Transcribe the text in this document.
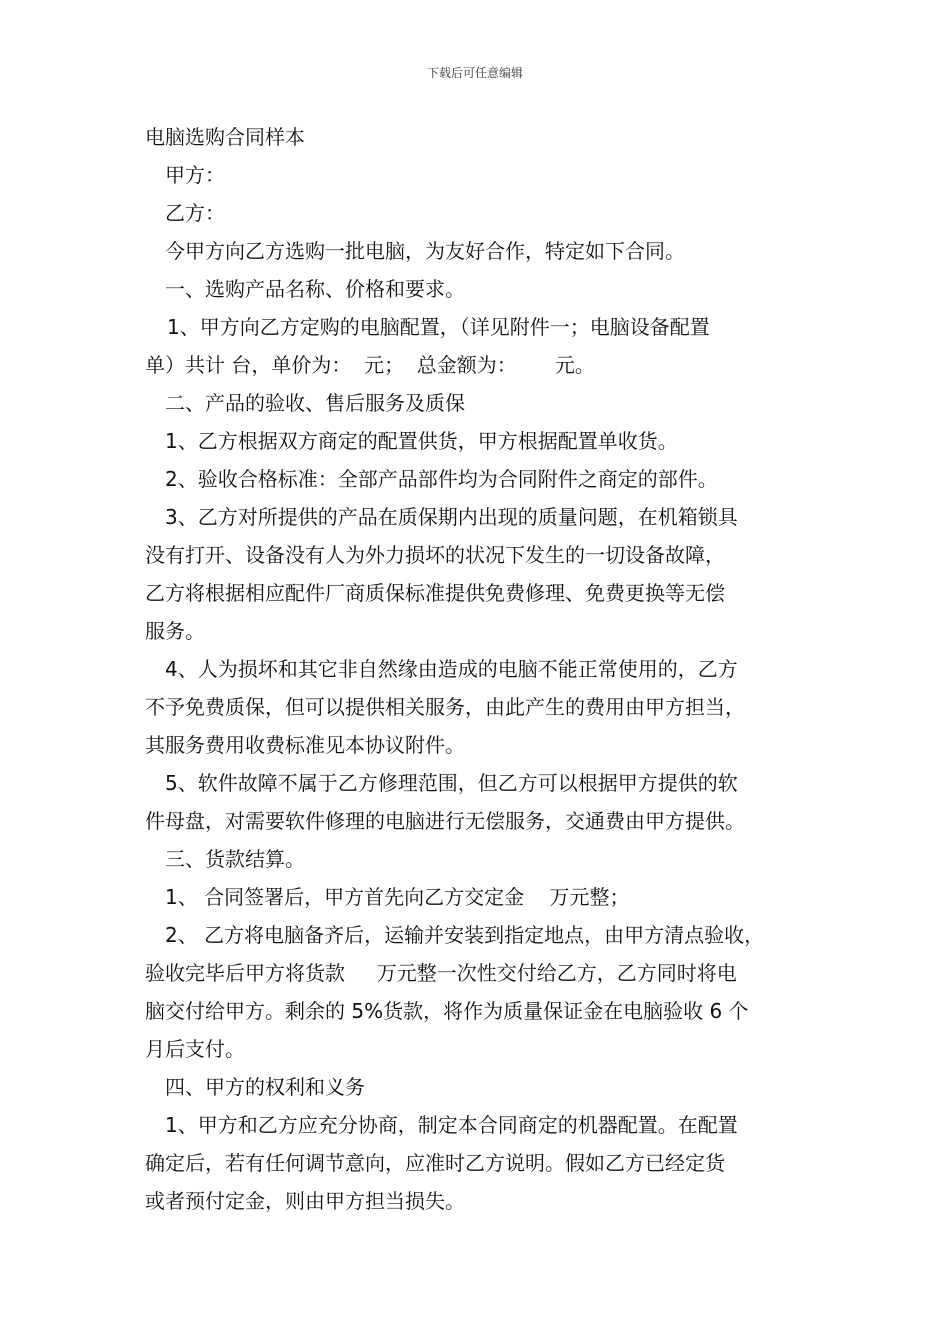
下载后可任意编辑
电脑选购合同样本
甲方：
乙方：
今甲方向乙方选购一批电脑，为友好合作，特定如下合同。
一、选购产品名称、价格和要求。
1、甲方向乙方定购的电脑配置，（详见附件一；电脑设备配置
单）共计 台，单价为：  元；  总金额为：      元。
二、产品的验收、售后服务及质保
1、乙方根据双方商定的配置供货，甲方根据配置单收货。
2、验收合格标准：全部产品部件均为合同附件之商定的部件。
3、乙方对所提供的产品在质保期内出现的质量问题，在机箱锁具
没有打开、设备没有人为外力损坏的状况下发生的一切设备故障，
乙方将根据相应配件厂商质保标准提供免费修理、免费更换等无偿
服务。
4、人为损坏和其它非自然缘由造成的电脑不能正常使用的，乙方
不予免费质保，但可以提供相关服务，由此产生的费用由甲方担当，
其服务费用收费标准见本协议附件。
5、软件故障不属于乙方修理范围，但乙方可以根据甲方提供的软
件母盘，对需要软件修理的电脑进行无偿服务，交通费由甲方提供。
三、货款结算。
1、 合同签署后，甲方首先向乙方交定金    万元整；
2、 乙方将电脑备齐后，运输并安装到指定地点，由甲方清点验收，
验收完毕后甲方将货款     万元整一次性交付给乙方，乙方同时将电
脑交付给甲方。剩余的 5%货款，将作为质量保证金在电脑验收 6 个
月后支付。
四、甲方的权利和义务
1、甲方和乙方应充分协商，制定本合同商定的机器配置。在配置
确定后，若有任何调节意向，应准时乙方说明。假如乙方已经定货
或者预付定金，则由甲方担当损失。
